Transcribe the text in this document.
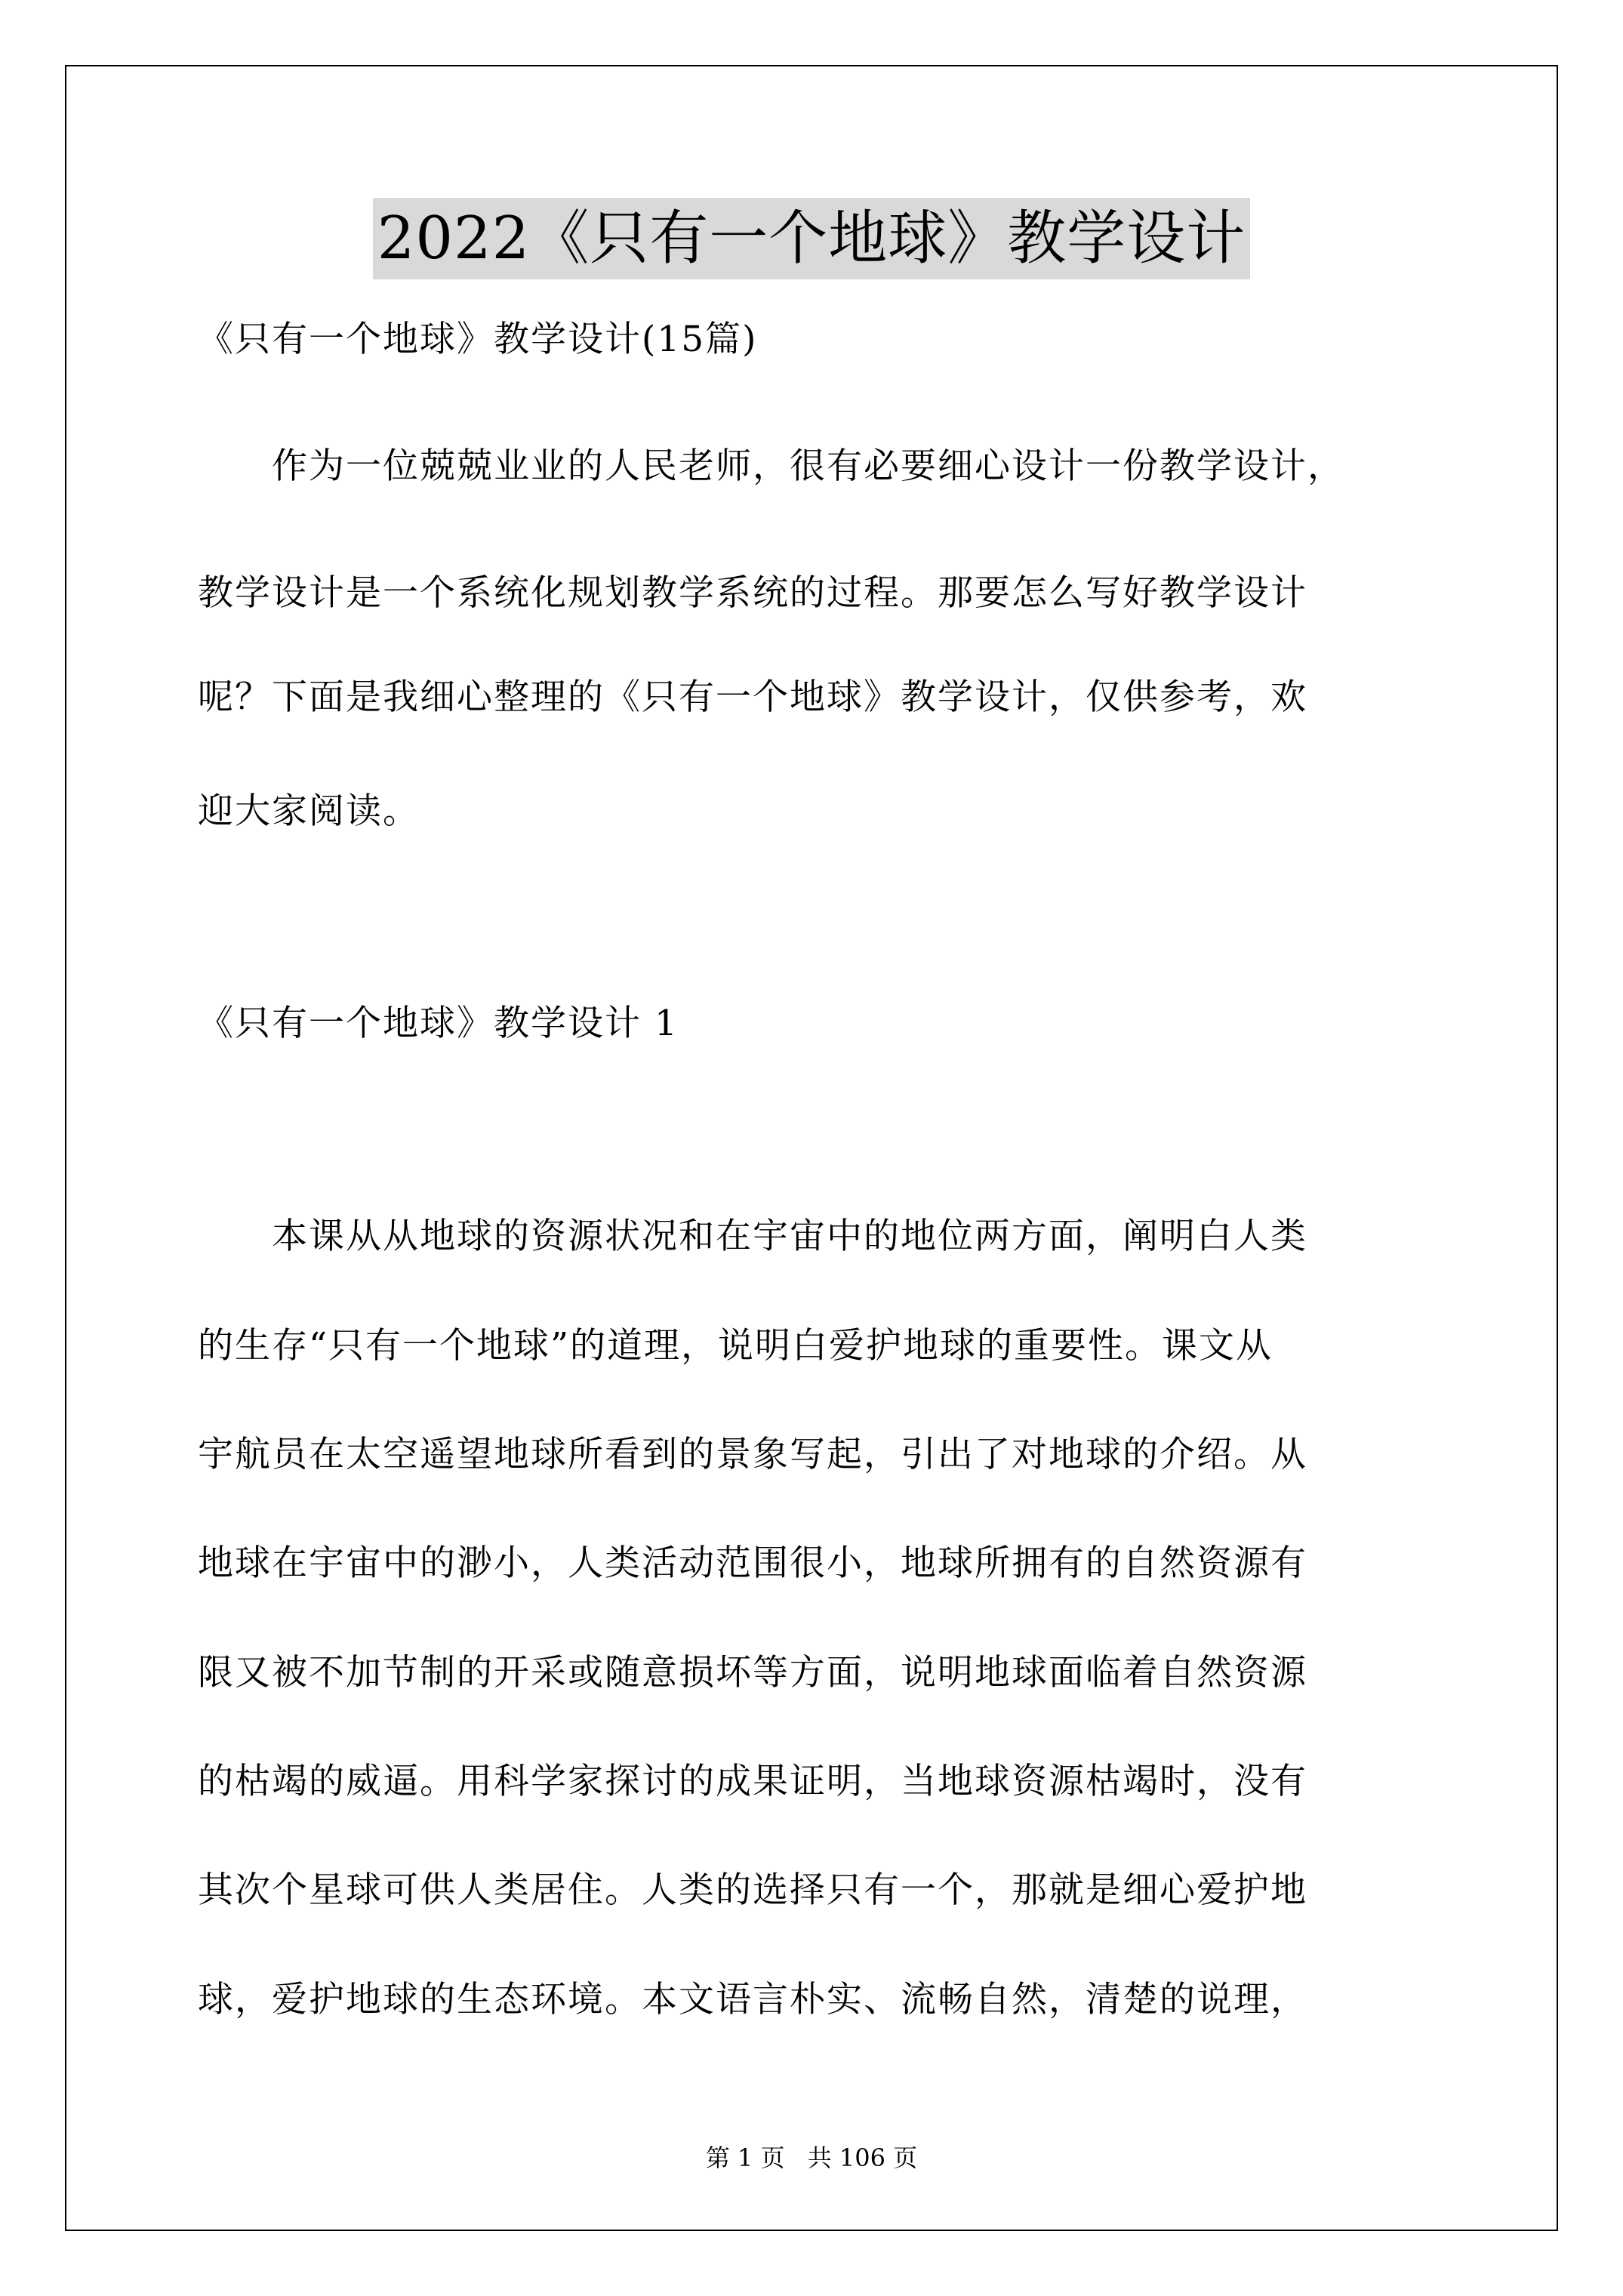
2022《只有一个地球》教学设计
《只有一个地球》教学设计(15篇)
　　作为一位兢兢业业的人民老师，很有必要细心设计一份教学设计，
教学设计是一个系统化规划教学系统的过程。那要怎么写好教学设计
呢？下面是我细心整理的《只有一个地球》教学设计，仅供参考，欢
迎大家阅读。
《只有一个地球》教学设计 1
　　本课从从地球的资源状况和在宇宙中的地位两方面，阐明白人类
的生存“只有一个地球”的道理，说明白爱护地球的重要性。课文从
宇航员在太空遥望地球所看到的景象写起，引出了对地球的介绍。从
地球在宇宙中的渺小，人类活动范围很小，地球所拥有的自然资源有
限又被不加节制的开采或随意损坏等方面，说明地球面临着自然资源
的枯竭的威逼。用科学家探讨的成果证明，当地球资源枯竭时，没有
其次个星球可供人类居住。人类的选择只有一个，那就是细心爱护地
球，爱护地球的生态环境。本文语言朴实、流畅自然，清楚的说理，
第 1 页 共 106 页
